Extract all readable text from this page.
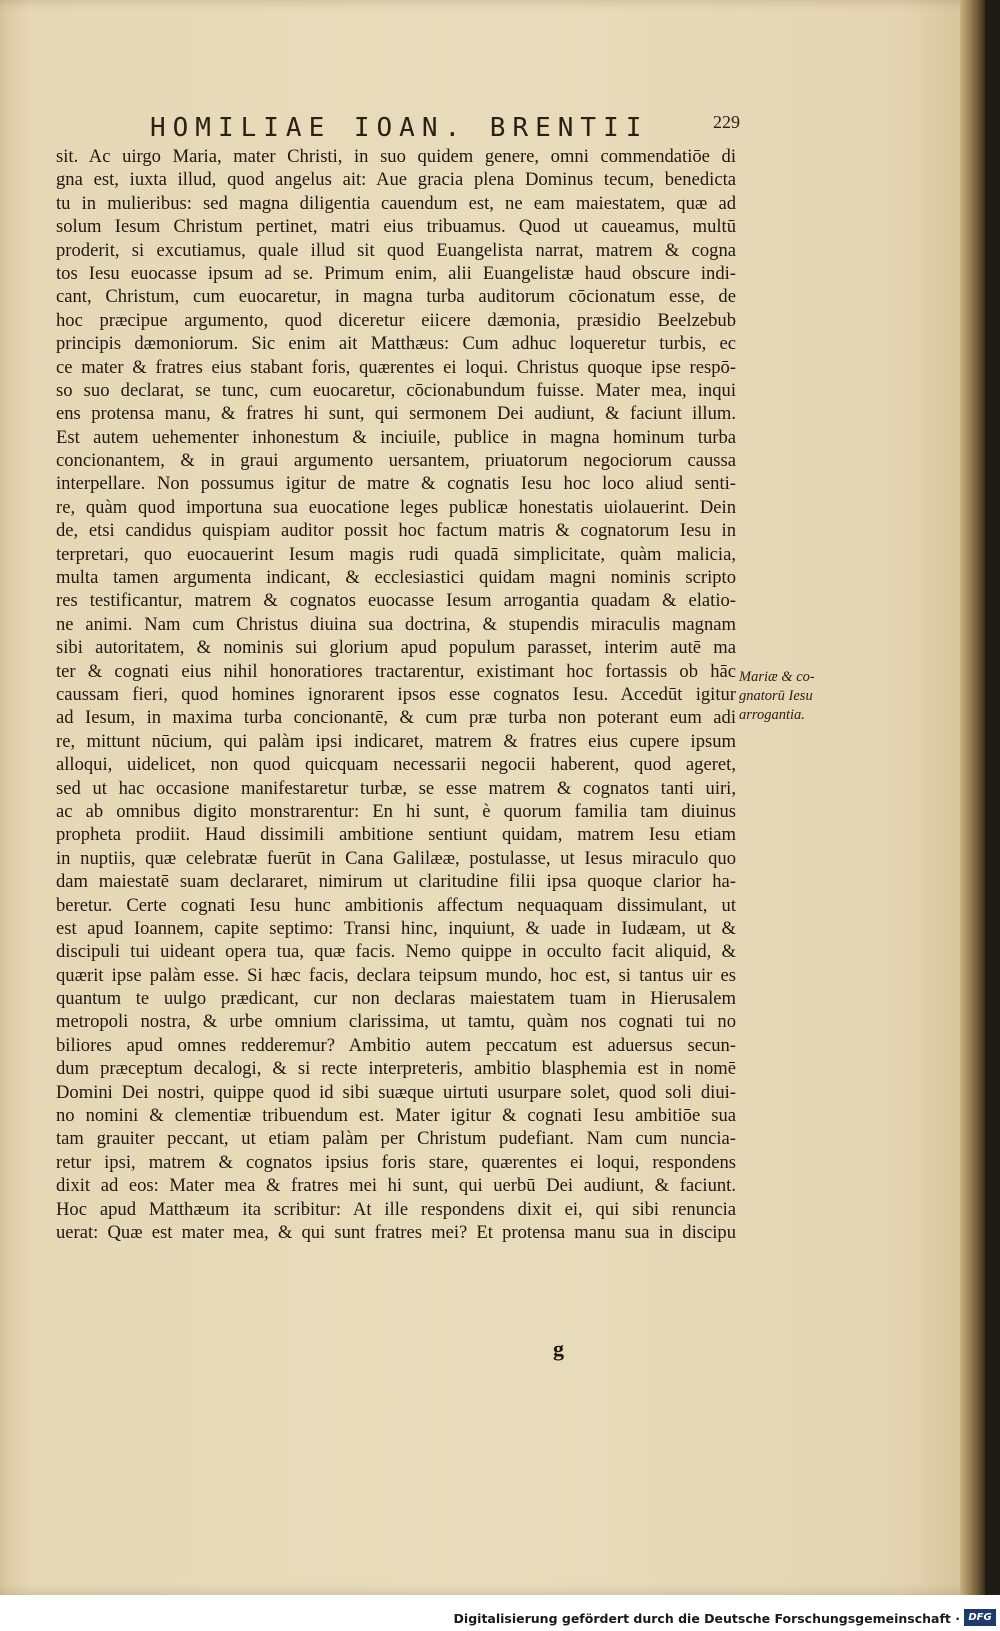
HOMILIAE IOAN. BRENTII	229
sit. Ac uirgo Maria, mater Christi, in suo quidem genere, omni commendatiōe di
gna est, iuxta illud, quod angelus ait: Aue gracia plena Dominus tecum, benedicta
tu in mulieribus: sed magna diligentia cauendum est, ne eam maiestatem, quæ ad
solum Iesum Christum pertinet, matri eius tribuamus. Quod ut caueamus, multū
proderit, si excutiamus, quale illud sit quod Euangelista narrat, matrem & cogna
tos Iesu euocasse ipsum ad se. Primum enim, alii Euangelistæ haud obscure indi-
cant, Christum, cum euocaretur, in magna turba auditorum cōcionatum esse, de
hoc præcipue argumento, quod diceretur eiicere dæmonia, præsidio Beelzebub
principis dæmoniorum. Sic enim ait Matthæus: Cum adhuc loqueretur turbis, ec
ce mater & fratres eius stabant foris, quærentes ei loqui. Christus quoque ipse respō-
so suo declarat, se tunc, cum euocaretur, cōcionabundum fuisse. Mater mea, inqui
ens protensa manu, & fratres hi sunt, qui sermonem Dei audiunt, & faciunt illum.
Est autem uehementer inhonestum & inciuile, publice in magna hominum turba
concionantem, & in graui argumento uersantem, priuatorum negociorum caussa
interpellare. Non possumus igitur de matre & cognatis Iesu hoc loco aliud senti-
re, quàm quod importuna sua euocatione leges publicæ honestatis uiolauerint. Dein
de, etsi candidus quispiam auditor possit hoc factum matris & cognatorum Iesu in
terpretari, quo euocauerint Iesum magis rudi quadā simplicitate, quàm malicia,
multa tamen argumenta indicant, & ecclesiastici quidam magni nominis scripto
res testificantur, matrem & cognatos euocasse Iesum arrogantia quadam & elatio-
ne animi. Nam cum Christus diuina sua doctrina, & stupendis miraculis magnam
sibi autoritatem, & nominis sui glorium apud populum parasset, interim autē ma
ter & cognati eius nihil honoratiores tractarentur, existimant hoc fortassis ob hāc
caussam fieri, quod homines ignorarent ipsos esse cognatos Iesu. Accedūt igitur
ad Iesum, in maxima turba concionantē, & cum præ turba non poterant eum adi
re, mittunt nūcium, qui palàm ipsi indicaret, matrem & fratres eius cupere ipsum
alloqui, uidelicet, non quod quicquam necessarii negocii haberent, quod ageret,
sed ut hac occasione manifestaretur turbæ, se esse matrem & cognatos tanti uiri,
ac ab omnibus digito monstrarentur: En hi sunt, è quorum familia tam diuinus
propheta prodiit. Haud dissimili ambitione sentiunt quidam, matrem Iesu etiam
in nuptiis, quæ celebratæ fuerūt in Cana Galilææ, postulasse, ut Iesus miraculo quo
dam maiestatē suam declararet, nimirum ut claritudine filii ipsa quoque clarior ha-
beretur. Certe cognati Iesu hunc ambitionis affectum nequaquam dissimulant, ut
est apud Ioannem, capite septimo: Transi hinc, inquiunt, & uade in Iudæam, ut &
discipuli tui uideant opera tua, quæ facis. Nemo quippe in occulto facit aliquid, &
quærit ipse palàm esse. Si hæc facis, declara teipsum mundo, hoc est, si tantus uir es
quantum te uulgo prædicant, cur non declaras maiestatem tuam in Hierusalem
metropoli nostra, & urbe omnium clarissima, ut tamtu, quàm nos cognati tui no
biliores apud omnes redderemur? Ambitio autem peccatum est aduersus secun-
dum præceptum decalogi, & si recte interpreteris, ambitio blasphemia est in nomē
Domini Dei nostri, quippe quod id sibi suæque uirtuti usurpare solet, quod soli diui-
no nomini & clementiæ tribuendum est. Mater igitur & cognati Iesu ambitiōe sua
tam grauiter peccant, ut etiam palàm per Christum pudefiant. Nam cum nuncia-
retur ipsi, matrem & cognatos ipsius foris stare, quærentes ei loqui, respondens
dixit ad eos: Mater mea & fratres mei hi sunt, qui uerbū Dei audiunt, & faciunt.
Hoc apud Matthæum ita scribitur: At ille respondens dixit ei, qui sibi renuncia
uerat: Quæ est mater mea, & qui sunt fratres mei? Et protensa manu sua in discipu
Mariæ & co-
gnatorū Iesu
arrogantia.
g
Digitalisierung gefördert durch die Deutsche Forschungsgemeinschaft · DFG
